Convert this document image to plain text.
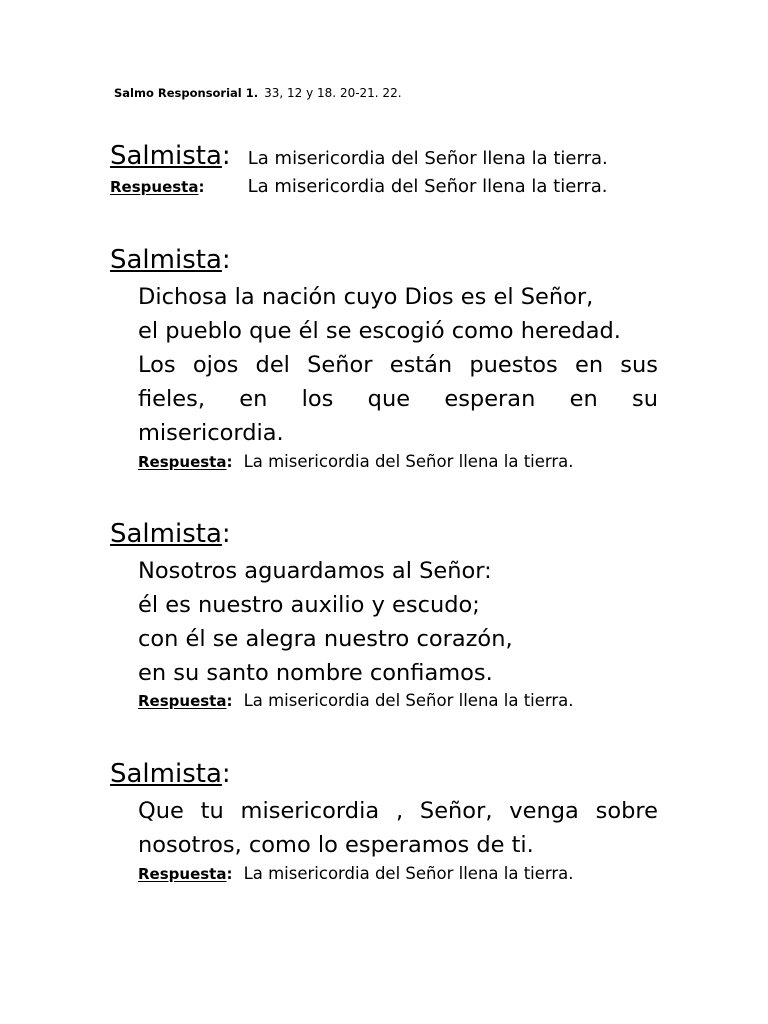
Salmo Responsorial 1. 33, 12 y 18. 20-21. 22.
Salmista: La misericordia del Señor llena la tierra.
Respuesta: La misericordia del Señor llena la tierra.
Salmista:
Dichosa la nación cuyo Dios es el Señor,
el pueblo que él se escogió como heredad.
Los ojos del Señor están puestos en sus
fieles, en los que esperan en su
misericordia.
Respuesta: La misericordia del Señor llena la tierra.
Salmista:
Nosotros aguardamos al Señor:
él es nuestro auxilio y escudo;
con él se alegra nuestro corazón,
en su santo nombre confiamos.
Respuesta: La misericordia del Señor llena la tierra.
Salmista:
Que tu misericordia , Señor, venga sobre
nosotros, como lo esperamos de ti.
Respuesta: La misericordia del Señor llena la tierra.
